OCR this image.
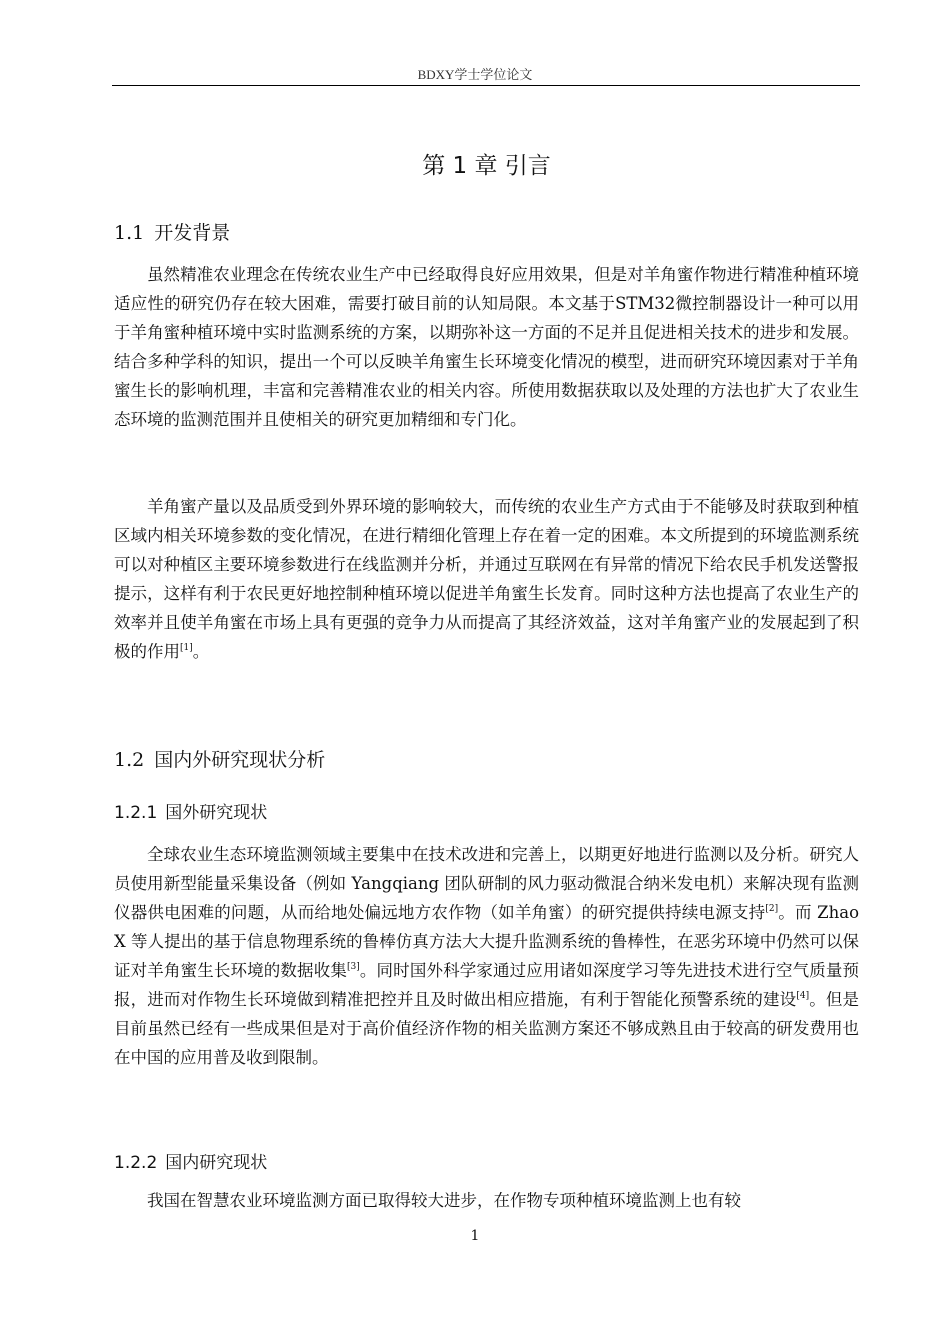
BDXY学士学位论文
第 1 章 引言
1.1 开发背景

虽然精准农业理念在传统农业生产中已经取得良好应用效果，但是对羊角蜜作物进行精准种植环境适应性的研究仍存在较大困难，需要打破目前的认知局限。本文基于STM32微控制器设计一种可以用于羊角蜜种植环境中实时监测系统的方案，以期弥补这一方面的不足并且促进相关技术的进步和发展。结合多种学科的知识，提出一个可以反映羊角蜜生长环境变化情况的模型，进而研究环境因素对于羊角蜜生长的影响机理，丰富和完善精准农业的相关内容。所使用数据获取以及处理的方法也扩大了农业生态环境的监测范围并且使相关的研究更加精细和专门化。

羊角蜜产量以及品质受到外界环境的影响较大，而传统的农业生产方式由于不能够及时获取到种植区域内相关环境参数的变化情况，在进行精细化管理上存在着一定的困难。本文所提到的环境监测系统可以对种植区主要环境参数进行在线监测并分析，并通过互联网在有异常的情况下给农民手机发送警报提示，这样有利于农民更好地控制种植环境以促进羊角蜜生长发育。同时这种方法也提高了农业生产的效率并且使羊角蜜在市场上具有更强的竞争力从而提高了其经济效益，这对羊角蜜产业的发展起到了积极的作用[1]。

1.2 国内外研究现状分析
1.2.1 国外研究现状

全球农业生态环境监测领域主要集中在技术改进和完善上，以期更好地进行监测以及分析。研究人员使用新型能量采集设备（例如 Yangqiang 团队研制的风力驱动微混合纳米发电机）来解决现有监测仪器供电困难的问题，从而给地处偏远地方农作物（如羊角蜜）的研究提供持续电源支持[2]。而 Zhao X 等人提出的基于信息物理系统的鲁棒仿真方法大大提升监测系统的鲁棒性，在恶劣环境中仍然可以保证对羊角蜜生长环境的数据收集[3]。同时国外科学家通过应用诸如深度学习等先进技术进行空气质量预报，进而对作物生长环境做到精准把控并且及时做出相应措施，有利于智能化预警系统的建设[4]。但是目前虽然已经有一些成果但是对于高价值经济作物的相关监测方案还不够成熟且由于较高的研发费用也在中国的应用普及收到限制。

1.2.2 国内研究现状

我国在智慧农业环境监测方面已取得较大进步，在作物专项种植环境监测上也有较

1
